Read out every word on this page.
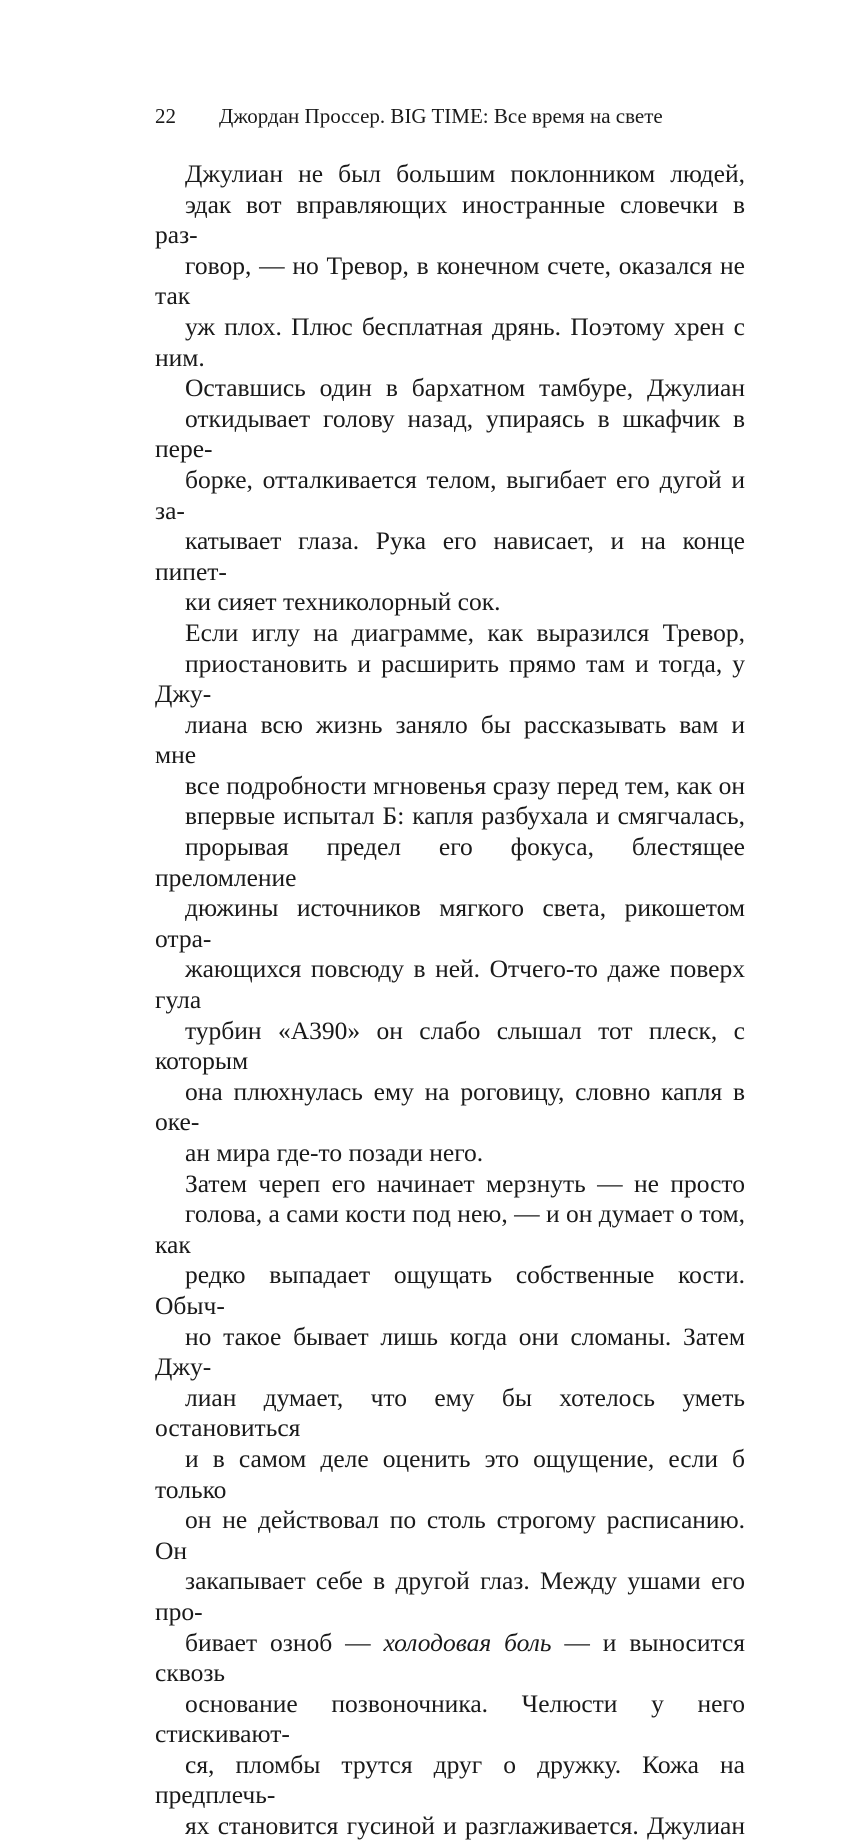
22 Джордан Проссер. BIG TIME: Все время на свете

Джулиан не был большим поклонником людей,
эдак вот вправляющих иностранные словечки в раз-
говор, — но Тревор, в конечном счете, оказался не так
уж плох. Плюс бесплатная дрянь. Поэтому хрен с ним.

Оставшись один в бархатном тамбуре, Джулиан
откидывает голову назад, упираясь в шкафчик в пере-
борке, отталкивается телом, выгибает его дугой и за-
катывает глаза. Рука его нависает, и на конце пипет-
ки сияет техниколорный сок.

Если иглу на диаграмме, как выразился Тревор,
приостановить и расширить прямо там и тогда, у Джу-
лиана всю жизнь заняло бы рассказывать вам и мне
все подробности мгновенья сразу перед тем, как он
впервые испытал Б: капля разбухала и смягчалась,
прорывая предел его фокуса, блестящее преломление
дюжины источников мягкого света, рикошетом отра-
жающихся повсюду в ней. Отчего-то даже поверх гула
турбин «А390» он слабо слышал тот плеск, с которым
она плюхнулась ему на роговицу, словно капля в оке-
ан мира где-то позади него.

Затем череп его начинает мерзнуть — не просто
голова, а сами кости под нею, — и он думает о том, как
редко выпадает ощущать собственные кости. Обыч-
но такое бывает лишь когда они сломаны. Затем Джу-
лиан думает, что ему бы хотелось уметь остановиться
и в самом деле оценить это ощущение, если б только
он не действовал по столь строгому расписанию. Он
закапывает себе в другой глаз. Между ушами его про-
бивает озноб — холодовая боль — и выносится сквозь
основание позвоночника. Челюсти у него стискивают-
ся, пломбы трутся друг о дружку. Кожа на предплечь-
ях становится гусиной и разглаживается. Джулиан
